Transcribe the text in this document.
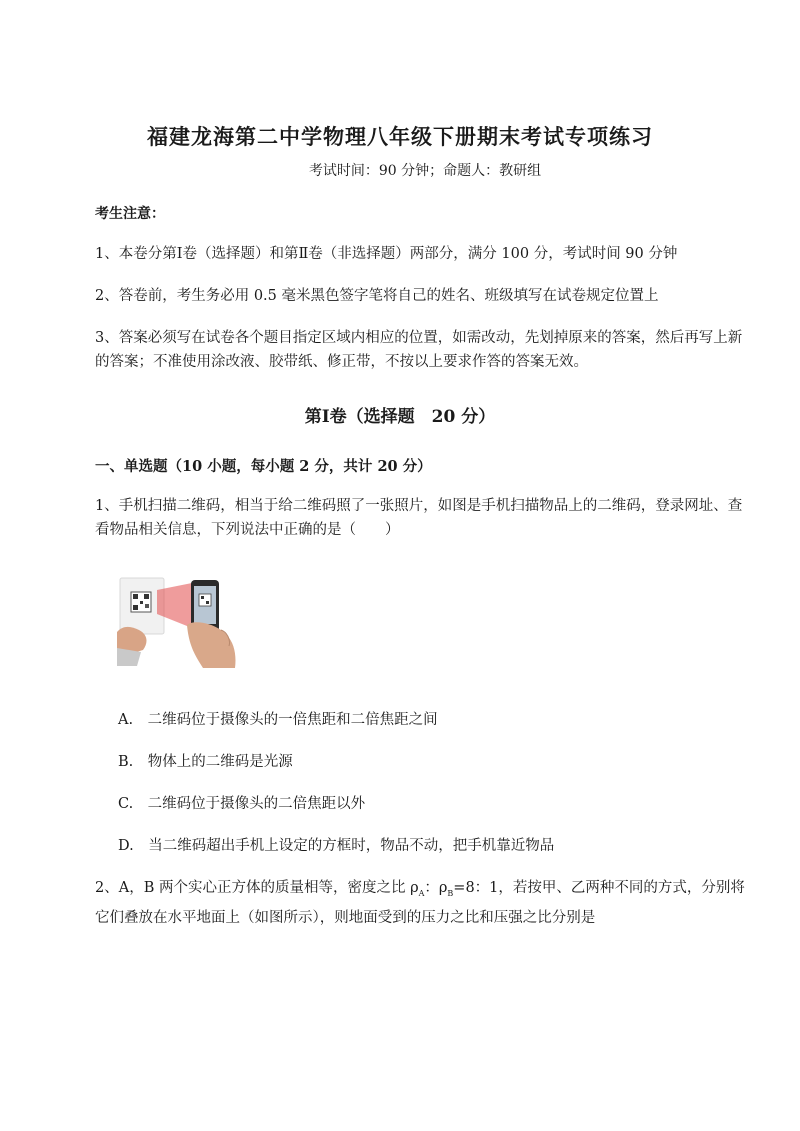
福建龙海第二中学物理八年级下册期末考试专项练习
考试时间：90 分钟；命题人：教研组
考生注意：
1、本卷分第Ⅰ卷（选择题）和第Ⅱ卷（非选择题）两部分，满分 100 分，考试时间 90 分钟
2、答卷前，考生务必用 0.5 毫米黑色签字笔将自己的姓名、班级填写在试卷规定位置上
3、答案必须写在试卷各个题目指定区域内相应的位置，如需改动，先划掉原来的答案，然后再写上新的答案；不准使用涂改液、胶带纸、修正带，不按以上要求作答的答案无效。
第Ⅰ卷（选择题　20 分）
一、单选题（10 小题，每小题 2 分，共计 20 分）
1、手机扫描二维码，相当于给二维码照了一张照片，如图是手机扫描物品上的二维码，登录网址、查看物品相关信息，下列说法中正确的是（　　）
A.　二维码位于摄像头的一倍焦距和二倍焦距之间
B.　物体上的二维码是光源
C.　二维码位于摄像头的二倍焦距以外
D.　当二维码超出手机上设定的方框时，物品不动，把手机靠近物品
2、A，B 两个实心正方体的质量相等，密度之比 $\rho_A$：$\rho_B=8$：1，若按甲、乙两种不同的方式，分别将它们叠放在水平地面上（如图所示），则地面受到的压力之比和压强之比分别是
